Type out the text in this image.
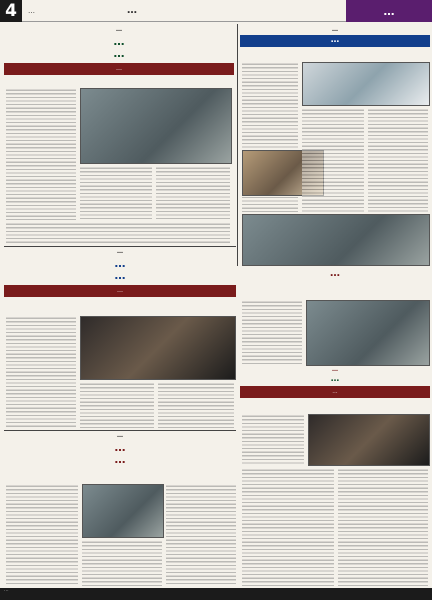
4	…	…	…
…
…
…
…
…
…
…
…
…
…
…
…
…
…
…
…
…
…
